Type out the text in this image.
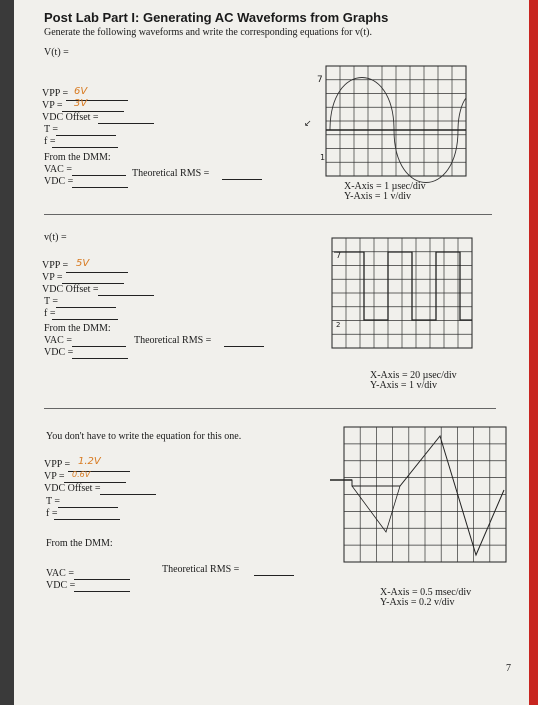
Post Lab Part I: Generating AC Waveforms from Graphs
Generate the following waveforms and write the corresponding equations for v(t).
V(t) =
VPP = 6V
VP = 3V
VDC Offset =
T =
f =
From the DMM:
VAC =	Theoretical RMS =
VDC =
7
↙
1
X-Axis = 1 µsec/div
Y-Axis = 1 v/div
v(t) =
VPP = 5V
VP =
VDC Offset =
T =
f =
From the DMM:
VAC =	Theoretical RMS =
VDC =
7
2
X-Axis = 20 µsec/div
Y-Axis = 1 v/div
You don't have to write the equation for this one.
VPP = 1.2V
VP = 0.6V
VDC Offset =
T =
f =
From the DMM:
VAC =	Theoretical RMS =
VDC =
X-Axis = 0.5 msec/div
Y-Axis = 0.2 v/div
7
